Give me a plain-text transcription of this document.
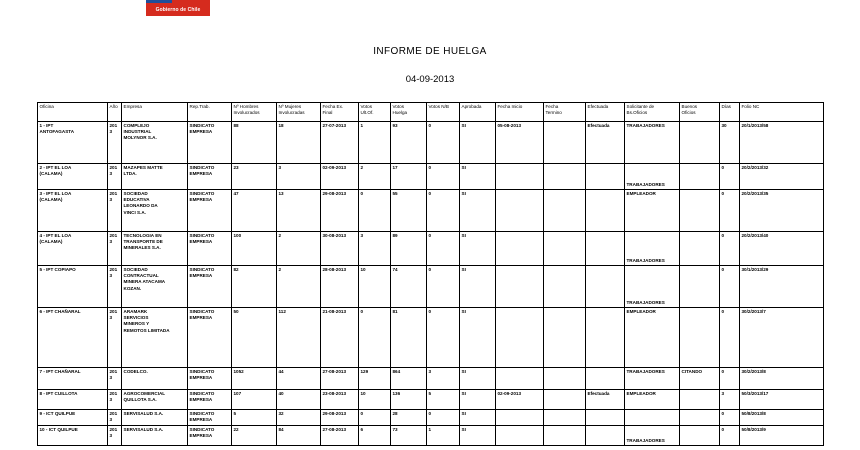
Gobierno de Chile
INFORME DE HUELGA
04-09-2013
Oficina	Año	Empresa	Rep.Trab.	Nº Hombres
Involucrados	Nº Mujeres
Involucradas	Fecha Ex.
Final	Votos
Ult.Of.	Votos
Huelga	Votos N/B	Aprobada	Fecha Inicio	Fecha
Termino	Efectuada	Solicitante de
Bs.Oficios	Buenos
Oficios	Días	Folio NC
1 - IPT
ANTOFAGASTA	2013	COMPLEJO
INDUSTRIAL
MOLYNOR S.A.	SINDICATO
EMPRESA	88	18	27-07-2013	1	93	0	SI	05-08-2013		Efectuada	TRABAJADORES		30	20/1/2013/58
2 - IPT EL LOA
(CALAMA)	2013	MAZAPES MATTE
LTDA.	SINDICATO
EMPRESA	23	3	02-09-2013	2	17	0	SI				TRABAJADORES		0	20/2/2013/32
3 - IPT EL LOA
(CALAMA)	2013	SOCIEDAD
EDUCATIVA
LEONARDO DA
VINCI S.A.	SINDICATO
EMPRESA	47	13	29-08-2013	0	55	0	SI				EMPLEADOR		0	20/2/2013/35
4 - IPT EL LOA
(CALAMA)	2013	TECNOLOGIA EN
TRANSPORTE DE
MINERALES S.A.	SINDICATO
EMPRESA	100	2	30-08-2013	3	89	0	SI				TRABAJADORES		0	20/2/2013/40
5 - IPT COPIAPO	2013	SOCIEDAD
CONTRACTUAL
MINERA ATACAMA
KOZAN.	SINDICATO
EMPRESA	82	2	28-08-2013	10	74	0	SI				TRABAJADORES		0	30/1/2013/29
6 - IPT CHAÑARAL	2013	ARAMARK
SERVICIOS
MINEROS Y
REMOTOS LIMITADA	SINDICATO
EMPRESA	50	112	21-08-2013	0	81	0	SI				EMPLEADOR		0	30/2/2013/7
7 - IPT CHAÑARAL	2013	CODELCO.	SINDICATO
EMPRESA	1052	44	27-08-2013	129	864	3	SI				TRABAJADORES	CITANDO	0	30/2/2013/8
8 - IPT CUILLOTA	2013	AGROCOMERCIAL
QUILLOTA S.A.	SINDICATO
EMPRESA	107	40	23-08-2013	10	136	5	SI	02-09-2013		Efectuada	EMPLEADOR		3	50/3/2013/17
9 - ICT QUILPUE	2013	SERVISALUD S.A.	SINDICATO
EMPRESA	5	32	29-08-2013	0	28	0	SI						0	50/8/2013/8
10 - ICT QUILPUE	2013	SERVISALUD S.A.	SINDICATO
EMPRESA	22	84	27-08-2013	6	73	1	SI				TRABAJADORES		0	50/8/2013/9
